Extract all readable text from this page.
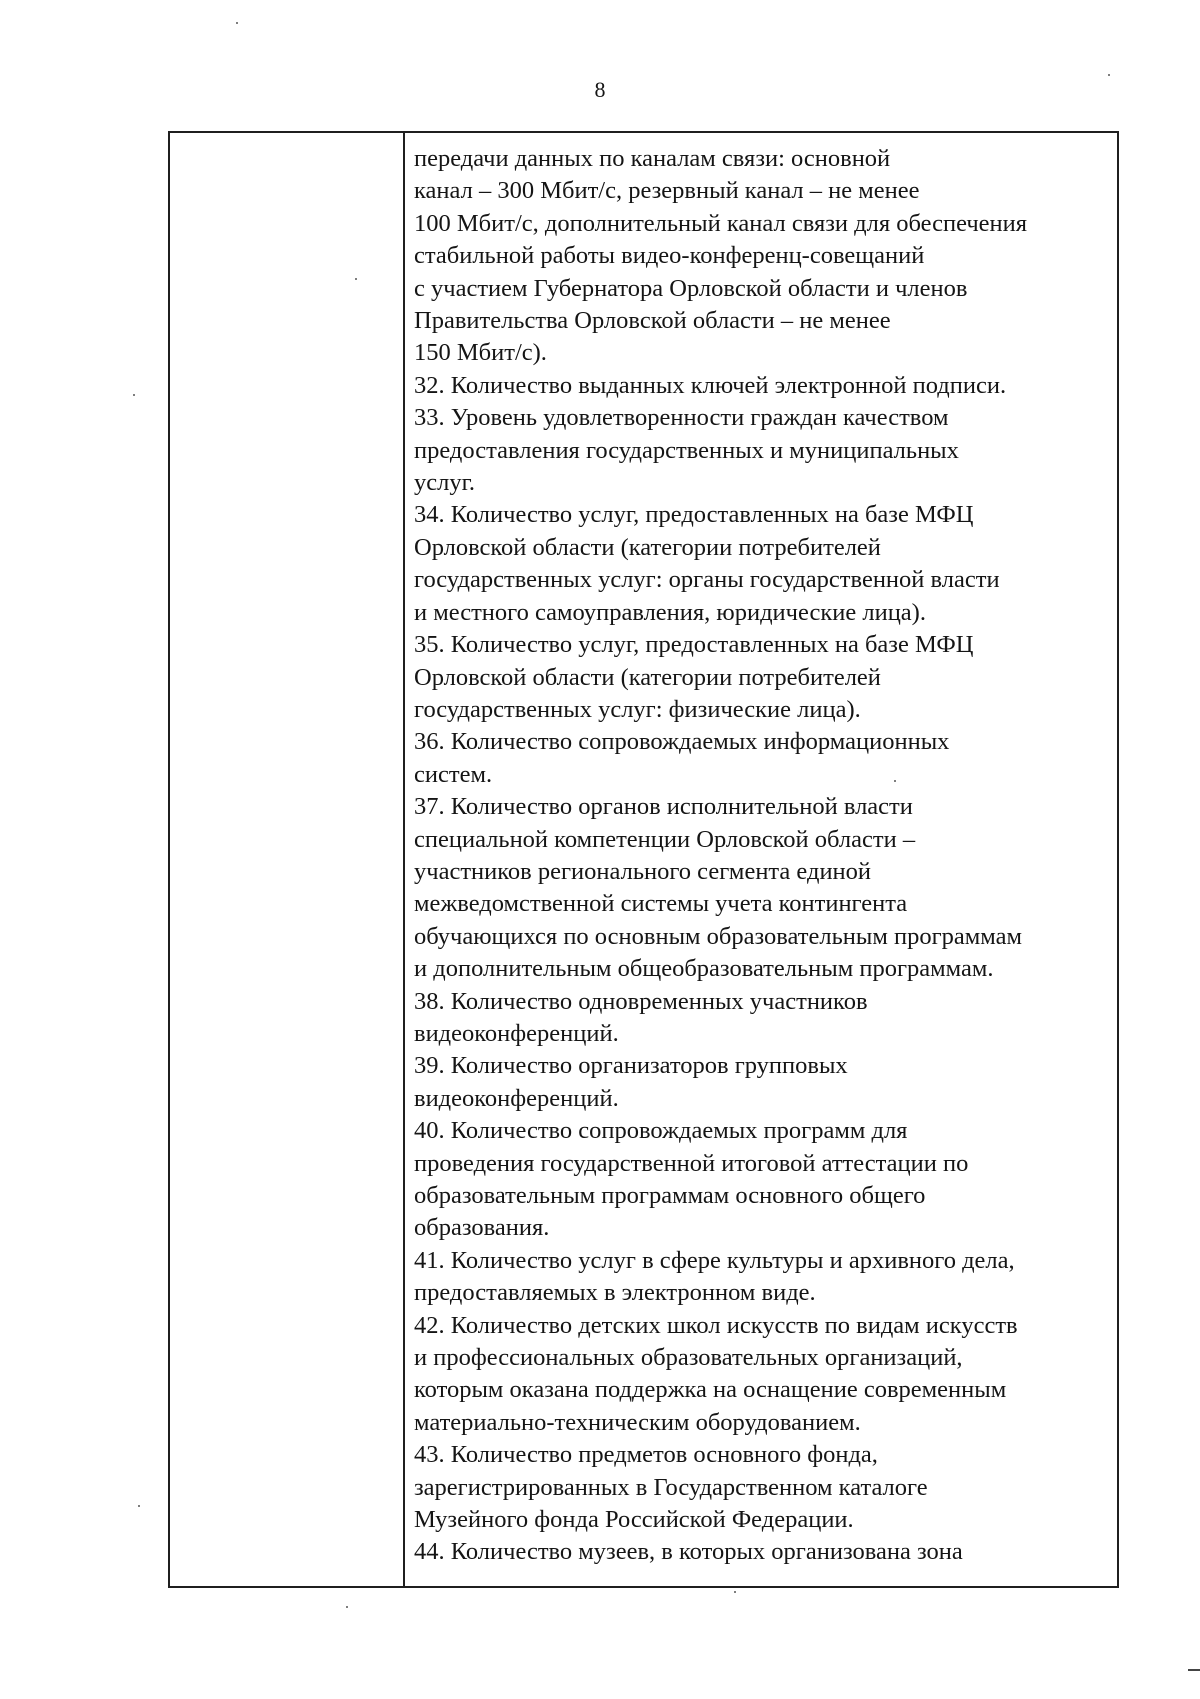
8
передачи данных по каналам связи: основной
канал – 300 Мбит/с, резервный канал – не менее
100 Мбит/с, дополнительный канал связи для обеспечения
стабильной работы видео-конференц-совещаний
с участием Губернатора Орловской области и членов
Правительства Орловской области – не менее
150 Мбит/с).
32. Количество выданных ключей электронной подписи.
33. Уровень удовлетворенности граждан качеством
предоставления государственных и муниципальных
услуг.
34. Количество услуг, предоставленных на базе МФЦ
Орловской области (категории потребителей
государственных услуг: органы государственной власти
и местного самоуправления, юридические лица).
35. Количество услуг, предоставленных на базе МФЦ
Орловской области (категории потребителей
государственных услуг: физические лица).
36. Количество сопровождаемых информационных
систем.
37. Количество органов исполнительной власти
специальной компетенции Орловской области –
участников регионального сегмента единой
межведомственной системы учета контингента
обучающихся по основным образовательным программам
и дополнительным общеобразовательным программам.
38. Количество одновременных участников
видеоконференций.
39. Количество организаторов групповых
видеоконференций.
40. Количество сопровождаемых программ для
проведения государственной итоговой аттестации по
образовательным программам основного общего
образования.
41. Количество услуг в сфере культуры и архивного дела,
предоставляемых в электронном виде.
42. Количество детских школ искусств по видам искусств
и профессиональных образовательных организаций,
которым оказана поддержка на оснащение современным
материально-техническим оборудованием.
43. Количество предметов основного фонда,
зарегистрированных в Государственном каталоге
Музейного фонда Российской Федерации.
44. Количество музеев, в которых организована зона
